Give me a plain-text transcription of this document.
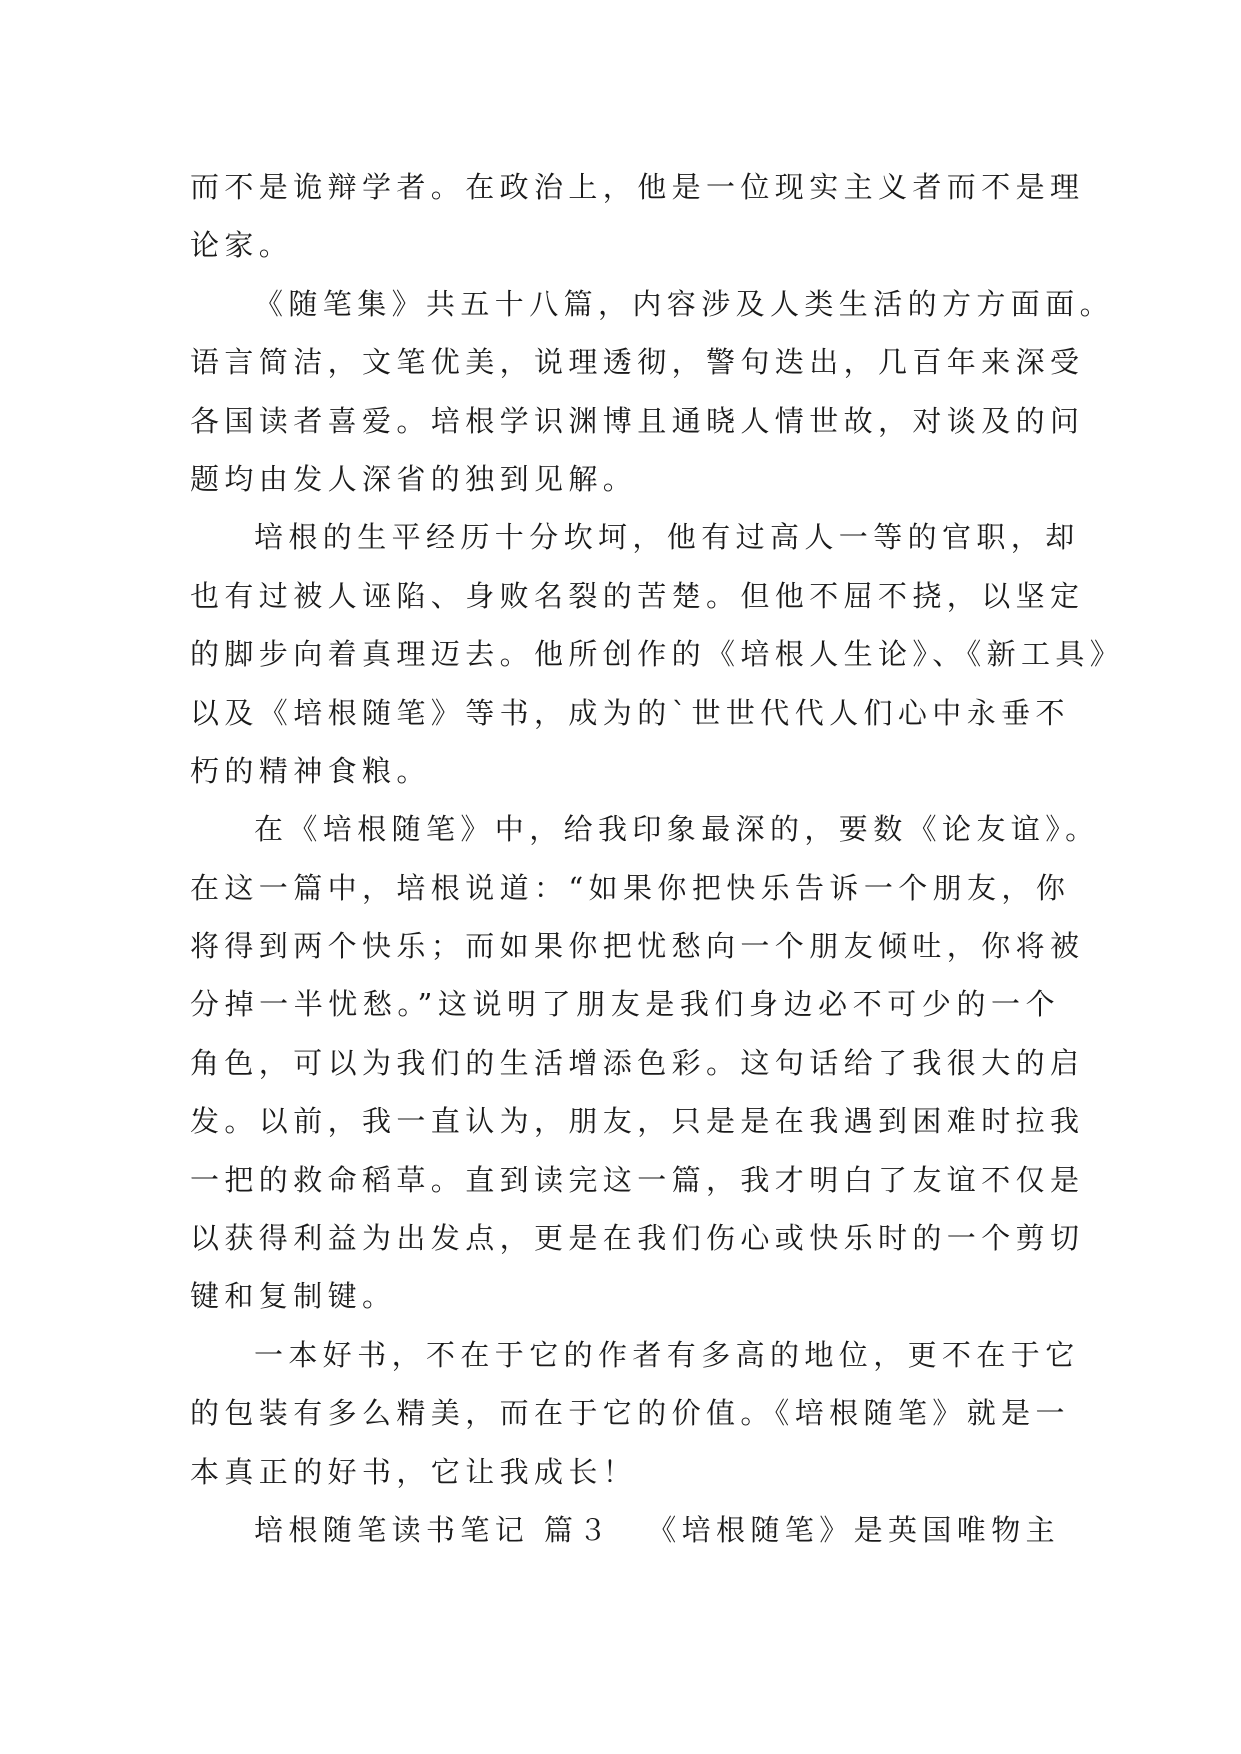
而不是诡辩学者。在政治上，他是一位现实主义者而不是理
论家。
《随笔集》共五十八篇，内容涉及人类生活的方方面面。
语言简洁，文笔优美，说理透彻，警句迭出，几百年来深受
各国读者喜爱。培根学识渊博且通晓人情世故，对谈及的问
题均由发人深省的独到见解。
培根的生平经历十分坎坷，他有过高人一等的官职，却
也有过被人诬陷、身败名裂的苦楚。但他不屈不挠，以坚定
的脚步向着真理迈去。他所创作的《培根人生论》、《新工具》
以及《培根随笔》等书，成为的`世世代代人们心中永垂不
朽的精神食粮。
在《培根随笔》中，给我印象最深的，要数《论友谊》。
在这一篇中，培根说道：“如果你把快乐告诉一个朋友，你
将得到两个快乐；而如果你把忧愁向一个朋友倾吐，你将被
分掉一半忧愁。”这说明了朋友是我们身边必不可少的一个
角色，可以为我们的生活增添色彩。这句话给了我很大的启
发。以前，我一直认为，朋友，只是是在我遇到困难时拉我
一把的救命稻草。直到读完这一篇，我才明白了友谊不仅是
以获得利益为出发点，更是在我们伤心或快乐时的一个剪切
键和复制键。
一本好书，不在于它的作者有多高的地位，更不在于它
的包装有多么精美，而在于它的价值。《培根随笔》就是一
本真正的好书，它让我成长！
培根随笔读书笔记 篇３ 《培根随笔》是英国唯物主
